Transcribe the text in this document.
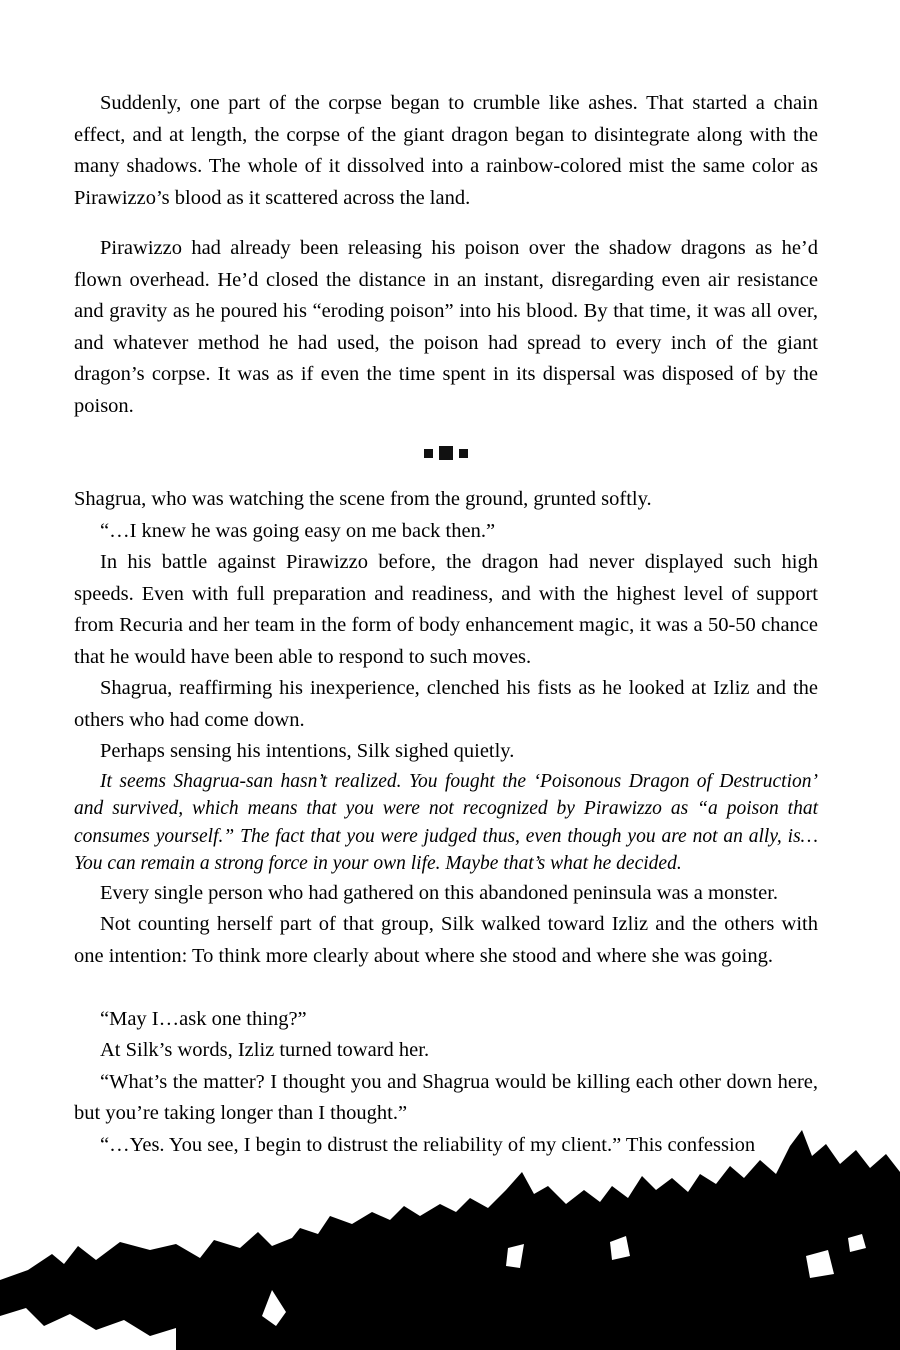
Suddenly, one part of the corpse began to crumble like ashes. That started a chain effect, and at length, the corpse of the giant dragon began to disintegrate along with the many shadows. The whole of it dissolved into a rainbow-colored mist the same color as Pirawizzo’s blood as it scattered across the land.

Pirawizzo had already been releasing his poison over the shadow dragons as he’d flown overhead. He’d closed the distance in an instant, disregarding even air resistance and gravity as he poured his “eroding poison” into his blood. By that time, it was all over, and whatever method he had used, the poison had spread to every inch of the giant dragon’s corpse. It was as if even the time spent in its dispersal was disposed of by the poison.

Shagrua, who was watching the scene from the ground, grunted softly.

“…I knew he was going easy on me back then.”

In his battle against Pirawizzo before, the dragon had never displayed such high speeds. Even with full preparation and readiness, and with the highest level of support from Recuria and her team in the form of body enhancement magic, it was a 50-50 chance that he would have been able to respond to such moves.

Shagrua, reaffirming his inexperience, clenched his fists as he looked at Izliz and the others who had come down.

Perhaps sensing his intentions, Silk sighed quietly.

It seems Shagrua-san hasn’t realized. You fought the ‘Poisonous Dragon of Destruction’ and survived, which means that you were not recognized by Pirawizzo as “a poison that consumes yourself.” The fact that you were judged thus, even though you are not an ally, is… You can remain a strong force in your own life. Maybe that’s what he decided.

Every single person who had gathered on this abandoned peninsula was a monster.

Not counting herself part of that group, Silk walked toward Izliz and the others with one intention: To think more clearly about where she stood and where she was going.

“May I…ask one thing?”

At Silk’s words, Izliz turned toward her.

“What’s the matter? I thought you and Shagrua would be killing each other down here, but you’re taking longer than I thought.”

“…Yes. You see, I begin to distrust the reliability of my client.” This confession
